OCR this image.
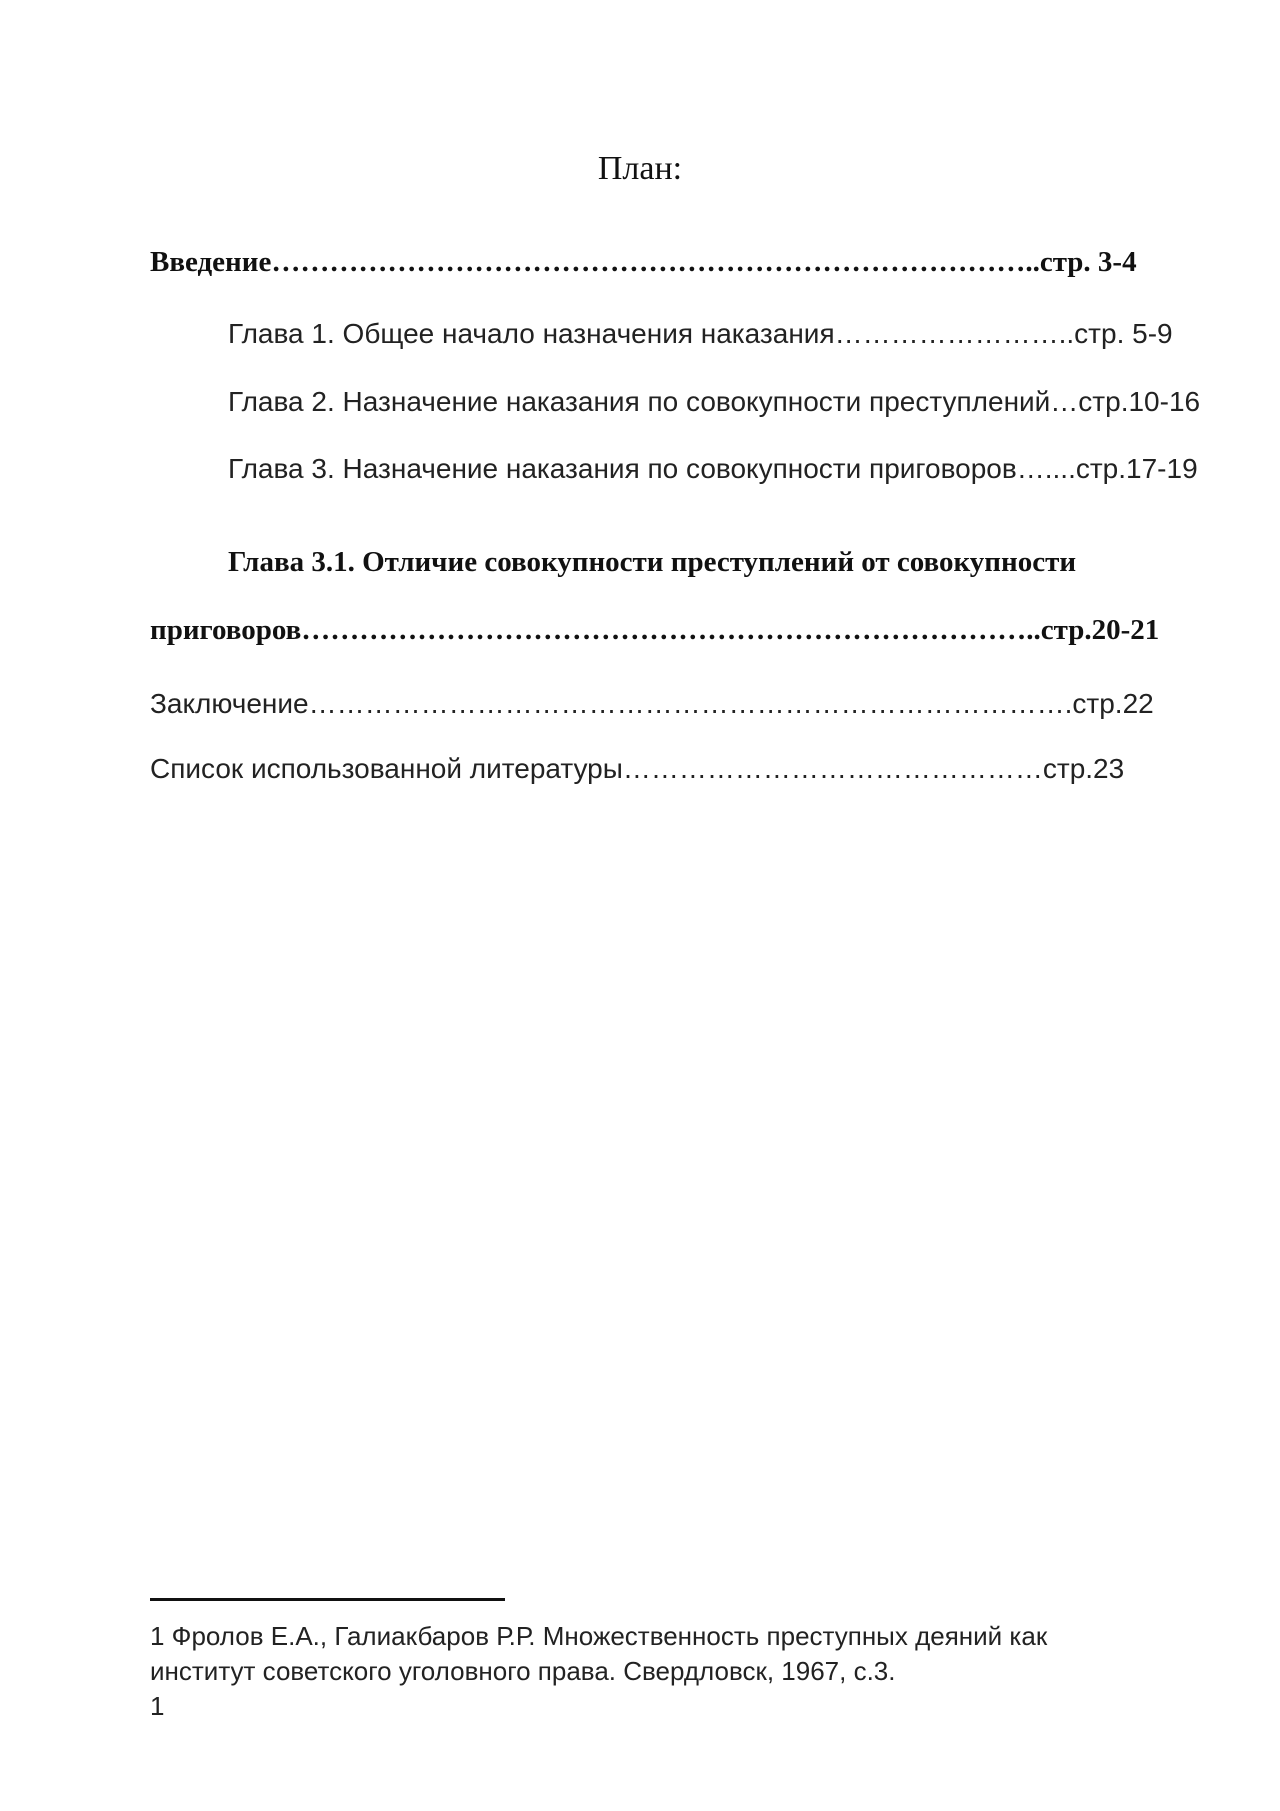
План:
Введение……………………………………………………………………..стр. 3-4
Глава 1. Общее начало назначения наказания……………………..стр. 5-9
Глава 2. Назначение наказания по совокупности преступлений…стр.10-16
Глава 3. Назначение наказания по совокупности приговоров…....стр.17-19
Глава 3.1. Отличие совокупности преступлений от совокупности
приговоров…………………………………………………………………..стр.20-21
Заключение……………………………………………………………………….стр.22
Список использованной литературы………………………………………стр.23
1 Фролов Е.А., Галиакбаров Р.Р. Множественность преступных деяний как
институт советского уголовного права. Свердловск, 1967, с.3.
1
